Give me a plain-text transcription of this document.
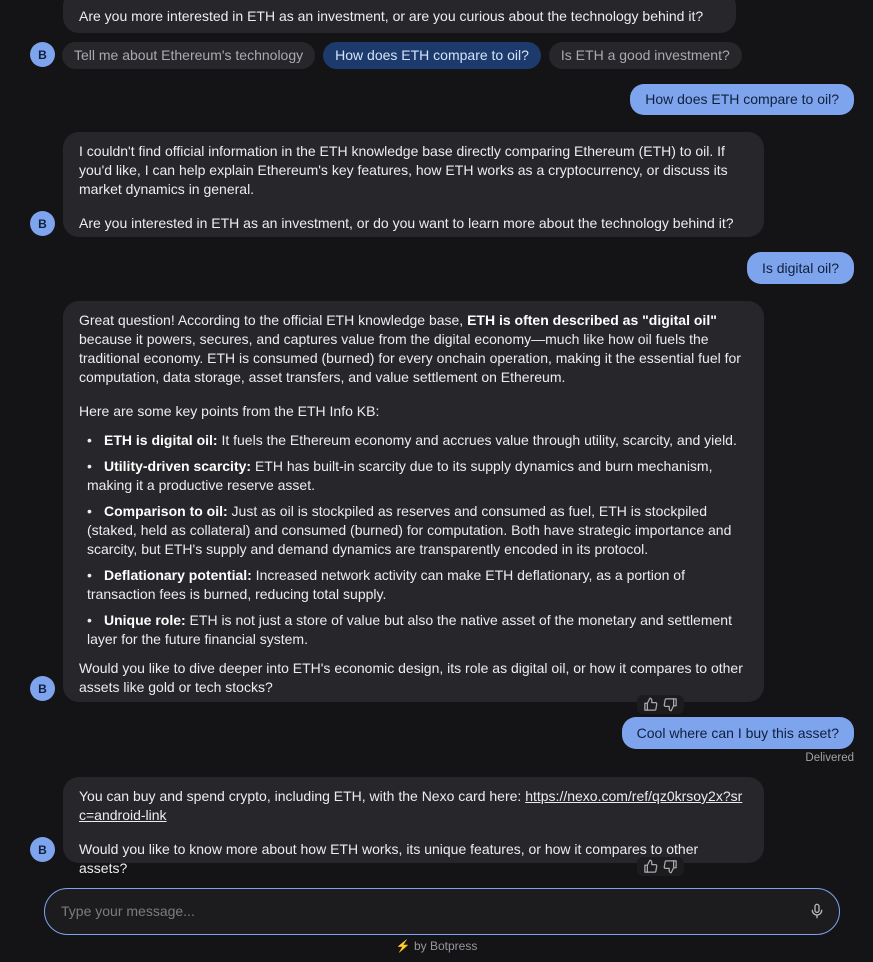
Are you more interested in ETH as an investment, or are you curious about the technology behind it?

B	Tell me about Ethereum's technology	How does ETH compare to oil?	Is ETH a good investment?
How does ETH compare to oil?

I couldn't find official information in the ETH knowledge base directly comparing Ethereum (ETH) to oil. If you'd like, I can help explain Ethereum's key features, how ETH works as a cryptocurrency, or discuss its market dynamics in general.

Are you interested in ETH as an investment, or do you want to learn more about the technology behind it?

B
Is digital oil?

Great question! According to the official ETH knowledge base, ETH is often described as "digital oil" because it powers, secures, and captures value from the digital economy—much like how oil fuels the traditional economy. ETH is consumed (burned) for every onchain operation, making it the essential fuel for computation, data storage, asset transfers, and value settlement on Ethereum.

Here are some key points from the ETH Info KB:

• ETH is digital oil: It fuels the Ethereum economy and accrues value through utility, scarcity, and yield.
• Utility-driven scarcity: ETH has built-in scarcity due to its supply dynamics and burn mechanism, making it a productive reserve asset.
• Comparison to oil: Just as oil is stockpiled as reserves and consumed as fuel, ETH is stockpiled (staked, held as collateral) and consumed (burned) for computation. Both have strategic importance and scarcity, but ETH's supply and demand dynamics are transparently encoded in its protocol.
• Deflationary potential: Increased network activity can make ETH deflationary, as a portion of transaction fees is burned, reducing total supply.
• Unique role: ETH is not just a store of value but also the native asset of the monetary and settlement layer for the future financial system.

Would you like to dive deeper into ETH's economic design, its role as digital oil, or how it compares to other assets like gold or tech stocks?

B
Cool where can I buy this asset?
Delivered

You can buy and spend crypto, including ETH, with the Nexo card here: https://nexo.com/ref/qz0krsoy2x?src=android-link

Would you like to know more about how ETH works, its unique features, or how it compares to other assets?

B
Type your message...
⚡ by Botpress
